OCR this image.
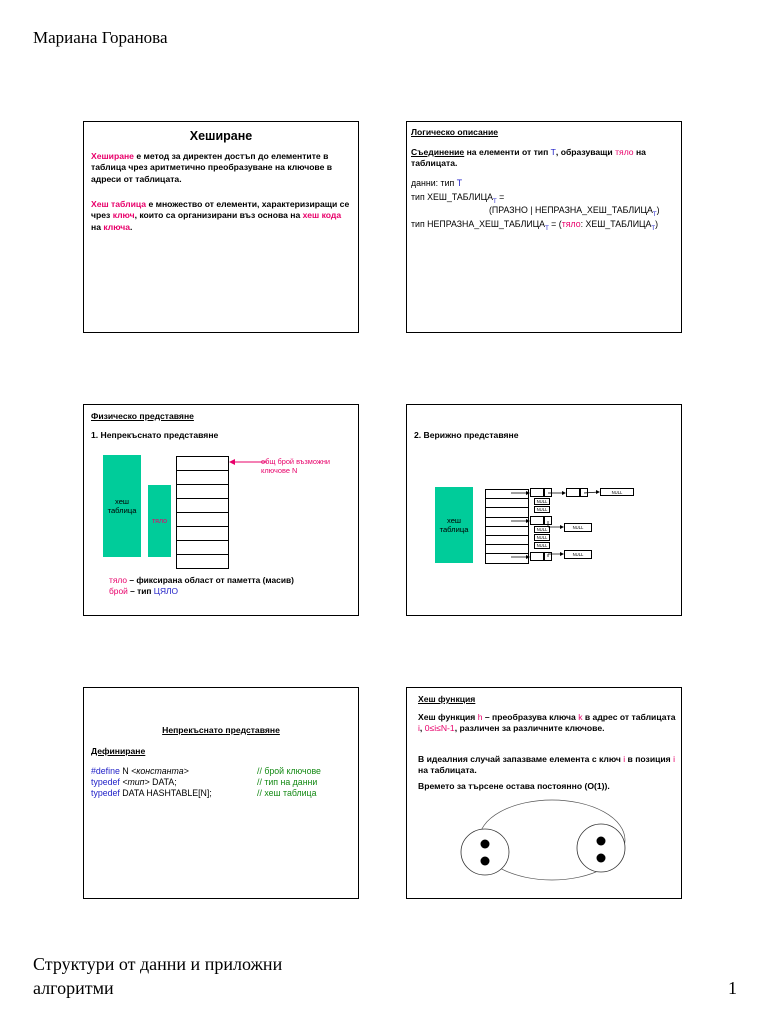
Мариана Горанова
Структури от данни и приложни алгоритми	1
Хеширане
Хеширане е метод за директен достъп до елементите в таблица чрез аритметично преобразуване на ключове в адреси от таблицата.
Хеш таблица е множество от елементи, характеризиращи се чрез ключ, които са организирани въз основа на хеш кода на ключа.
Логическо описание
Съединение на елементи от тип T, образуващи тяло на таблицата.
данни: тип T
тип $ХЕШ\_ТАБЛИЦА_T$ =
(ПРАЗНО | $НЕПРАЗНА\_ХЕШ\_ТАБЛИЦА_T$)
тип $НЕПРАЗНА\_ХЕШ\_ТАБЛИЦА_T$ = (тяло: $ХЕШ\_ТАБЛИЦА_T$)
Физическо представяне
1. Непрекъснато представяне
хеш таблица
тяло
общ брой възможни ключове N
тяло – фиксирана област от паметта (масив)
брой – тип ЦЯЛО
2. Верижно представяне
хеш таблица
NULL
NULL
NULL
NULL
NULL
NULL
NULL
NULL
Непрекъснато представяне
Дефиниране
#define N <константа>	// брой ключове
typedef <тип> DATA;	// тип на данни
typedef DATA HASHTABLE[N];	// хеш таблица
Хеш функция
Хеш функция h – преобразува ключа k в адрес от таблицата i, 0≤i≤N-1, различен за различните ключове.
В идеалния случай запазваме елемента с ключ i в позиция i на таблицата.
Времето за търсене остава постоянно (O(1)).
